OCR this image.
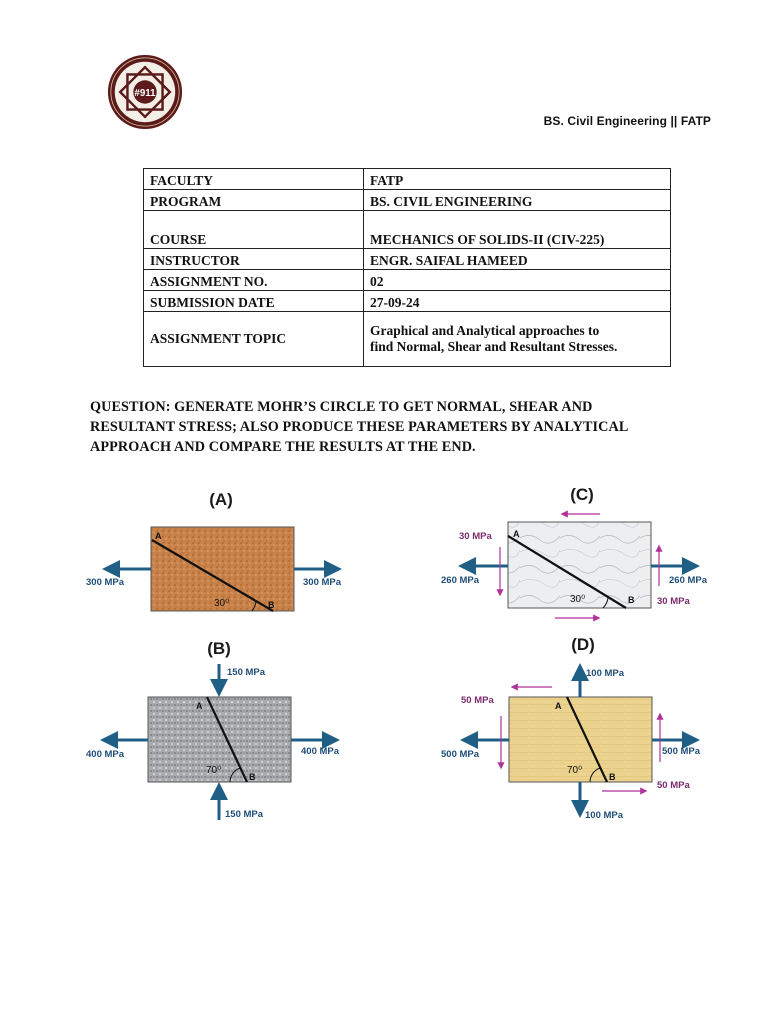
#911
BS. Civil Engineering || FATP
FACULTY	FATP
PROGRAM	BS. CIVIL ENGINEERING
COURSE	MECHANICS OF SOLIDS-II (CIV-225)
INSTRUCTOR	ENGR. SAIFAL HAMEED
ASSIGNMENT NO.	02
SUBMISSION DATE	27-09-24
ASSIGNMENT TOPIC	Graphical and Analytical approaches to find Normal, Shear and Resultant Stresses.
QUESTION: GENERATE MOHR’S CIRCLE TO GET NORMAL, SHEAR AND RESULTANT STRESS; ALSO PRODUCE THESE PARAMETERS BY ANALYTICAL APPROACH AND COMPARE THE RESULTS AT THE END.
(A)
A
B
30⁰
300 MPa	300 MPa
(C)
A
B
30⁰
30 MPa
30 MPa
260 MPa	260 MPa
(B)
A
B
70⁰
150 MPa
150 MPa
400 MPa	400 MPa
(D)
A
B
70⁰
100 MPa
100 MPa
50 MPa
50 MPa
500 MPa	500 MPa
